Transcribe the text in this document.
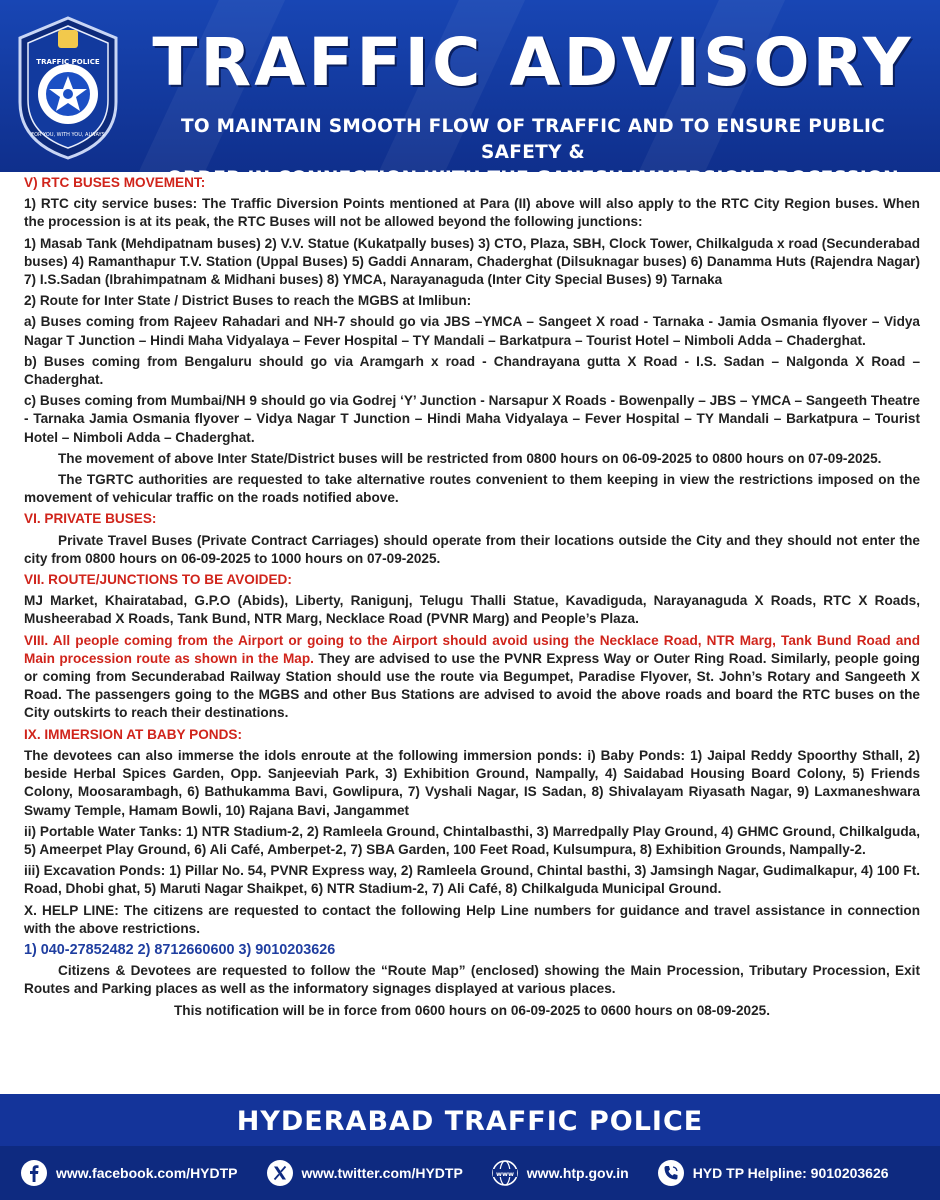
TRAFFIC POLICE
FOR YOU, WITH YOU, ALWAYS
TRAFFIC ADVISORY
TO MAINTAIN SMOOTH FLOW OF TRAFFIC AND TO ENSURE PUBLIC SAFETY &
ORDER IN CONNECTION WITH THE GANESH IMMERSION PROCESSION
V) RTC BUSES MOVEMENT:

1) RTC city service buses: The Traffic Diversion Points mentioned at Para (II) above will also apply to the RTC City Region buses. When the procession is at its peak, the RTC Buses will not be allowed beyond the following junctions:

1) Masab Tank (Mehdipatnam buses) 2) V.V. Statue (Kukatpally buses) 3) CTO, Plaza, SBH, Clock Tower, Chilkalguda x road (Secunderabad buses) 4) Ramanthapur T.V. Station (Uppal Buses) 5) Gaddi Annaram, Chaderghat (Dilsuknagar buses) 6) Danamma Huts (Rajendra Nagar) 7) I.S.Sadan (Ibrahimpatnam & Midhani buses) 8) YMCA, Narayanaguda (Inter City Special Buses) 9) Tarnaka

2) Route for Inter State / District Buses to reach the MGBS at Imlibun:

a) Buses coming from Rajeev Rahadari and NH-7 should go via JBS –YMCA – Sangeet X road - Tarnaka - Jamia Osmania flyover – Vidya Nagar T Junction – Hindi Maha Vidyalaya – Fever Hospital – TY Mandali – Barkatpura – Tourist Hotel – Nimboli Adda – Chaderghat.

b) Buses coming from Bengaluru should go via Aramgarh x road - Chandrayana gutta X Road - I.S. Sadan – Nalgonda X Road – Chaderghat.

c) Buses coming from Mumbai/NH 9 should go via Godrej ‘Y’ Junction - Narsapur X Roads - Bowenpally – JBS – YMCA – Sangeeth Theatre - Tarnaka Jamia Osmania flyover – Vidya Nagar T Junction – Hindi Maha Vidyalaya – Fever Hospital – TY Mandali – Barkatpura – Tourist Hotel – Nimboli Adda – Chaderghat.

The movement of above Inter State/District buses will be restricted from 0800 hours on 06-09-2025 to 0800 hours on 07-09-2025.

The TGRTC authorities are requested to take alternative routes convenient to them keeping in view the restrictions imposed on the movement of vehicular traffic on the roads notified above.

VI. PRIVATE BUSES:

Private Travel Buses (Private Contract Carriages) should operate from their locations outside the City and they should not enter the city from 0800 hours on 06-09-2025 to 1000 hours on 07-09-2025.

VII. ROUTE/JUNCTIONS TO BE AVOIDED:

MJ Market, Khairatabad, G.P.O (Abids), Liberty, Ranigunj, Telugu Thalli Statue, Kavadiguda, Narayanaguda X Roads, RTC X Roads, Musheerabad X Roads, Tank Bund, NTR Marg, Necklace Road (PVNR Marg) and People’s Plaza.

VIII. All people coming from the Airport or going to the Airport should avoid using the Necklace Road, NTR Marg, Tank Bund Road and Main procession route as shown in the Map. They are advised to use the PVNR Express Way or Outer Ring Road. Similarly, people going or coming from Secunderabad Railway Station should use the route via Begumpet, Paradise Flyover, St. John’s Rotary and Sangeeth X Road. The passengers going to the MGBS and other Bus Stations are advised to avoid the above roads and board the RTC buses on the City outskirts to reach their destinations.

IX. IMMERSION AT BABY PONDS:

The devotees can also immerse the idols enroute at the following immersion ponds: i) Baby Ponds: 1) Jaipal Reddy Spoorthy Sthall, 2) beside Herbal Spices Garden, Opp. Sanjeeviah Park, 3) Exhibition Ground, Nampally, 4) Saidabad Housing Board Colony, 5) Friends Colony, Moosarambagh, 6) Bathukamma Bavi, Gowlipura, 7) Vyshali Nagar, IS Sadan, 8) Shivalayam Riyasath Nagar, 9) Laxmaneshwara Swamy Temple, Hamam Bowli, 10) Rajana Bavi, Jangammet

ii) Portable Water Tanks: 1) NTR Stadium-2, 2) Ramleela Ground, Chintalbasthi, 3) Marredpally Play Ground, 4) GHMC Ground, Chilkalguda, 5) Ameerpet Play Ground, 6) Ali Café, Amberpet-2, 7) SBA Garden, 100 Feet Road, Kulsumpura, 8) Exhibition Grounds, Nampally-2.

iii) Excavation Ponds: 1) Pillar No. 54, PVNR Express way, 2) Ramleela Ground, Chintal basthi, 3) Jamsingh Nagar, Gudimalkapur, 4) 100 Ft. Road, Dhobi ghat, 5) Maruti Nagar Shaikpet, 6) NTR Stadium-2, 7) Ali Café, 8) Chilkalguda Municipal Ground.

X. HELP LINE: The citizens are requested to contact the following Help Line numbers for guidance and travel assistance in connection with the above restrictions.

1) 040-27852482 2) 8712660600 3) 9010203626

Citizens & Devotees are requested to follow the “Route Map” (enclosed) showing the Main Procession, Tributary Procession, Exit Routes and Parking places as well as the informatory signages displayed at various places.

This notification will be in force from 0600 hours on 06-09-2025 to 0600 hours on 08-09-2025.

HYDERABAD TRAFFIC POLICE
www.facebook.com/HYDTP	www.twitter.com/HYDTP	www www.htp.gov.in	HYD TP Helpline: 9010203626
